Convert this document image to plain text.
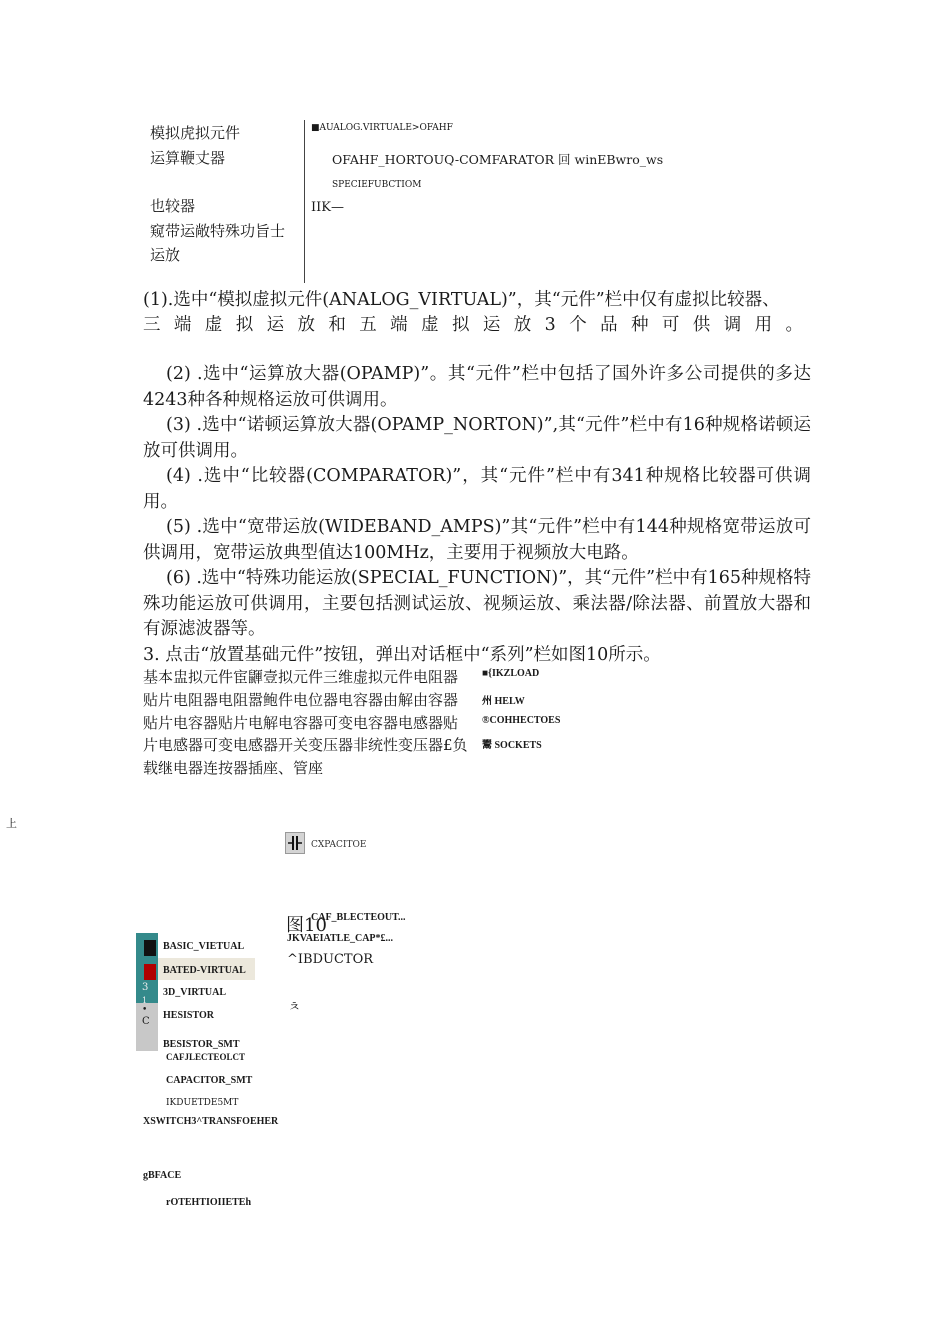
模拟虎拟元件
运算鞭丈器
也较器
窥带运敞特殊功旨士
运放
■AUALOG.VIRTUALE>OFAHF
OFAHF_HORTOUQ-COMFARATOR 回 winEBwro_ws
SPECIEFUBCTIOM
IIK—
(1).选中“模拟虚拟元件(ANALOG_VIRTUAL)”，其“元件”栏中仅有虚拟比较器、
三端虚拟运放和五端虚拟运放3个品种可供调用。
(2) .选中“运算放大器(OPAMP)”。其“元件”栏中包括了国外许多公司提供的多达4243种各种规格运放可供调用。
(3) .选中“诺顿运算放大器(OPAMP_NORTON)”,其“元件”栏中有16种规格诺顿运放可供调用。
(4) .选中“比较器(COMPARATOR)”，其“元件”栏中有341种规格比较器可供调用。
(5) .选中“宽带运放(WIDEBAND_AMPS)”其“元件”栏中有144种规格宽带运放可供调用，宽带运放典型值达100MHz，主要用于视频放大电路。
(6) .选中“特殊功能运放(SPECIAL_FUNCTION)”，其“元件”栏中有165种规格特殊功能运放可供调用，主要包括测试运放、视频运放、乘法器/除法器、前置放大器和有源滤波器等。
3. 点击“放置基础元件”按钮，弹出对话框中“系列”栏如图10所示。
基本盅拟元件宦鼲壹拟元件三维虚拟元件电阻器贴片电阻器电阻嚣鲍件电位器电容器由解由容器贴片电容器贴片电解电容器可变电容器电感器贴片电感器可变电感器开关变压器非统性变压器£负载继电器连按器插座、管座
■{IKZLOAD
州 HELW
®COHHECTOES
鬻 SOCKETS
上
CXPACITOE
图10
CAF_BLECTEOUT...
JKVAEIATLE_CAP*£...
^IBDUCTOR
ㅊ
3
1
•
C
BASIC_VIETUAL
BATED-VIRTUAL
3D_VIRTUAL
HESISTOR
BESISTOR_SMT
CAFJLECTEOLCT
CAPACITOR_SMT
IKDUETDE5MT
XSWITCH3^TRANSFOEHER
gBFACE
rOTEHTIOIIETEh
